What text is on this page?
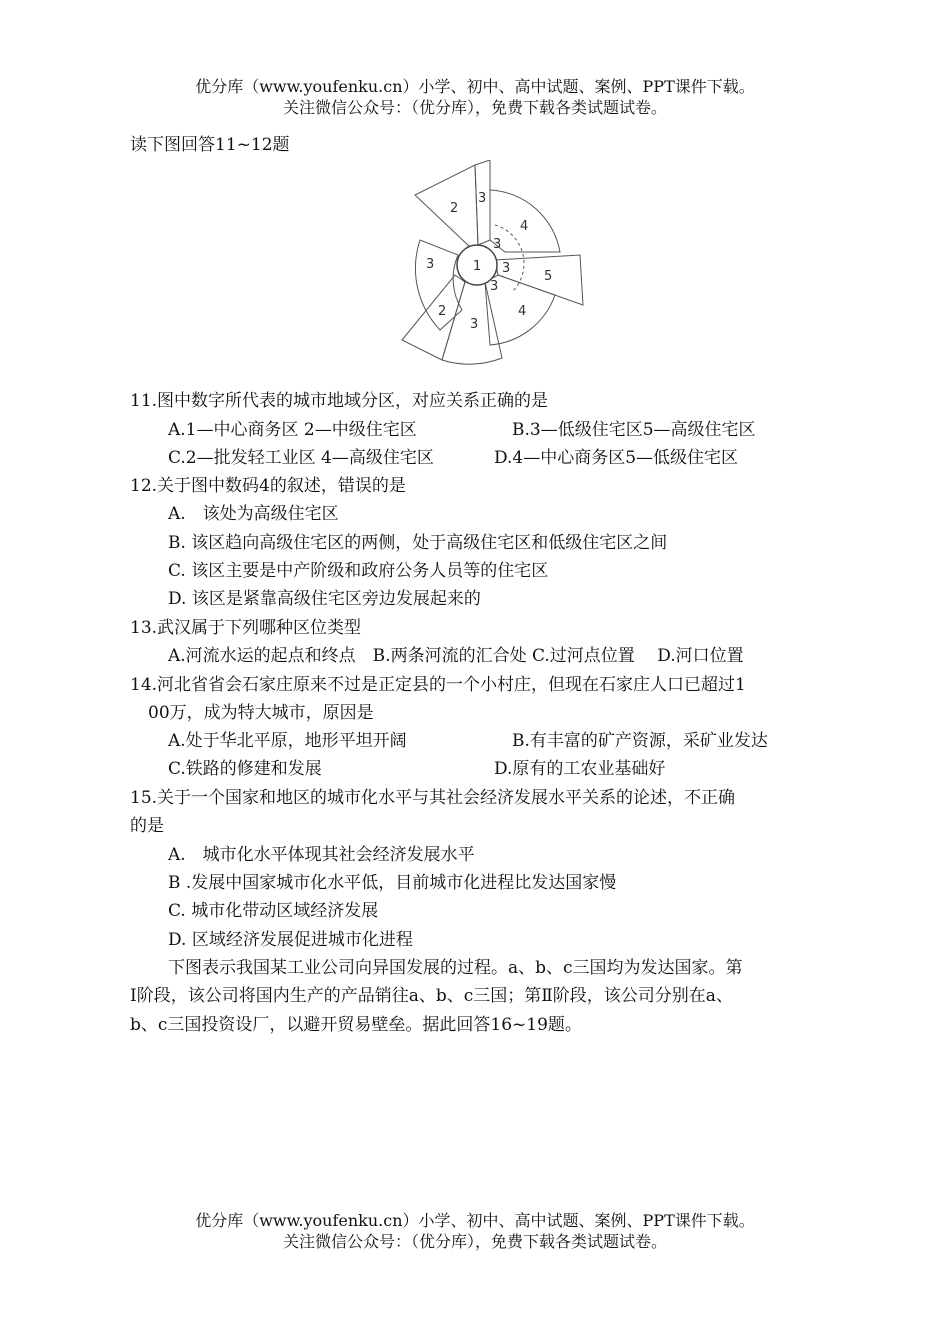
优分库（www.youfenku.cn）小学、初中、高中试题、案例、PPT课件下载。
关注微信公众号：（优分库），免费下载各类试题试卷。
读下图回答11~12题
1
2
3
4
3
3
3
5
4
3
2
3
11.图中数字所代表的城市地域分区，对应关系正确的是
A.1—中心商务区 2—中级住宅区	B.3—低级住宅区5—高级住宅区
C.2—批发轻工业区 4—高级住宅区	D.4—中心商务区5—低级住宅区
12.关于图中数码4的叙述，错误的是
A.　该处为高级住宅区
B. 该区趋向高级住宅区的两侧，处于高级住宅区和低级住宅区之间
C. 该区主要是中产阶级和政府公务人员等的住宅区
D. 该区是紧靠高级住宅区旁边发展起来的
13.武汉属于下列哪种区位类型
A.河流水运的起点和终点　B.两条河流的汇合处 C.过河点位置　 D.河口位置
14.河北省省会石家庄原来不过是正定县的一个小村庄，但现在石家庄人口已超过1
00万，成为特大城市，原因是
A.处于华北平原，地形平坦开阔	B.有丰富的矿产资源，采矿业发达
C.铁路的修建和发展	D.原有的工农业基础好
15.关于一个国家和地区的城市化水平与其社会经济发展水平关系的论述，不正确
的是
A.　城市化水平体现其社会经济发展水平
B .发展中国家城市化水平低，目前城市化进程比发达国家慢
C. 城市化带动区域经济发展
D. 区域经济发展促进城市化进程
下图表示我国某工业公司向异国发展的过程。a、b、c三国均为发达国家。第
Ⅰ阶段，该公司将国内生产的产品销往a、b、c三国；第Ⅱ阶段，该公司分别在a、
b、c三国投资设厂，以避开贸易壁垒。据此回答16~19题。
优分库（www.youfenku.cn）小学、初中、高中试题、案例、PPT课件下载。
关注微信公众号：（优分库），免费下载各类试题试卷。
